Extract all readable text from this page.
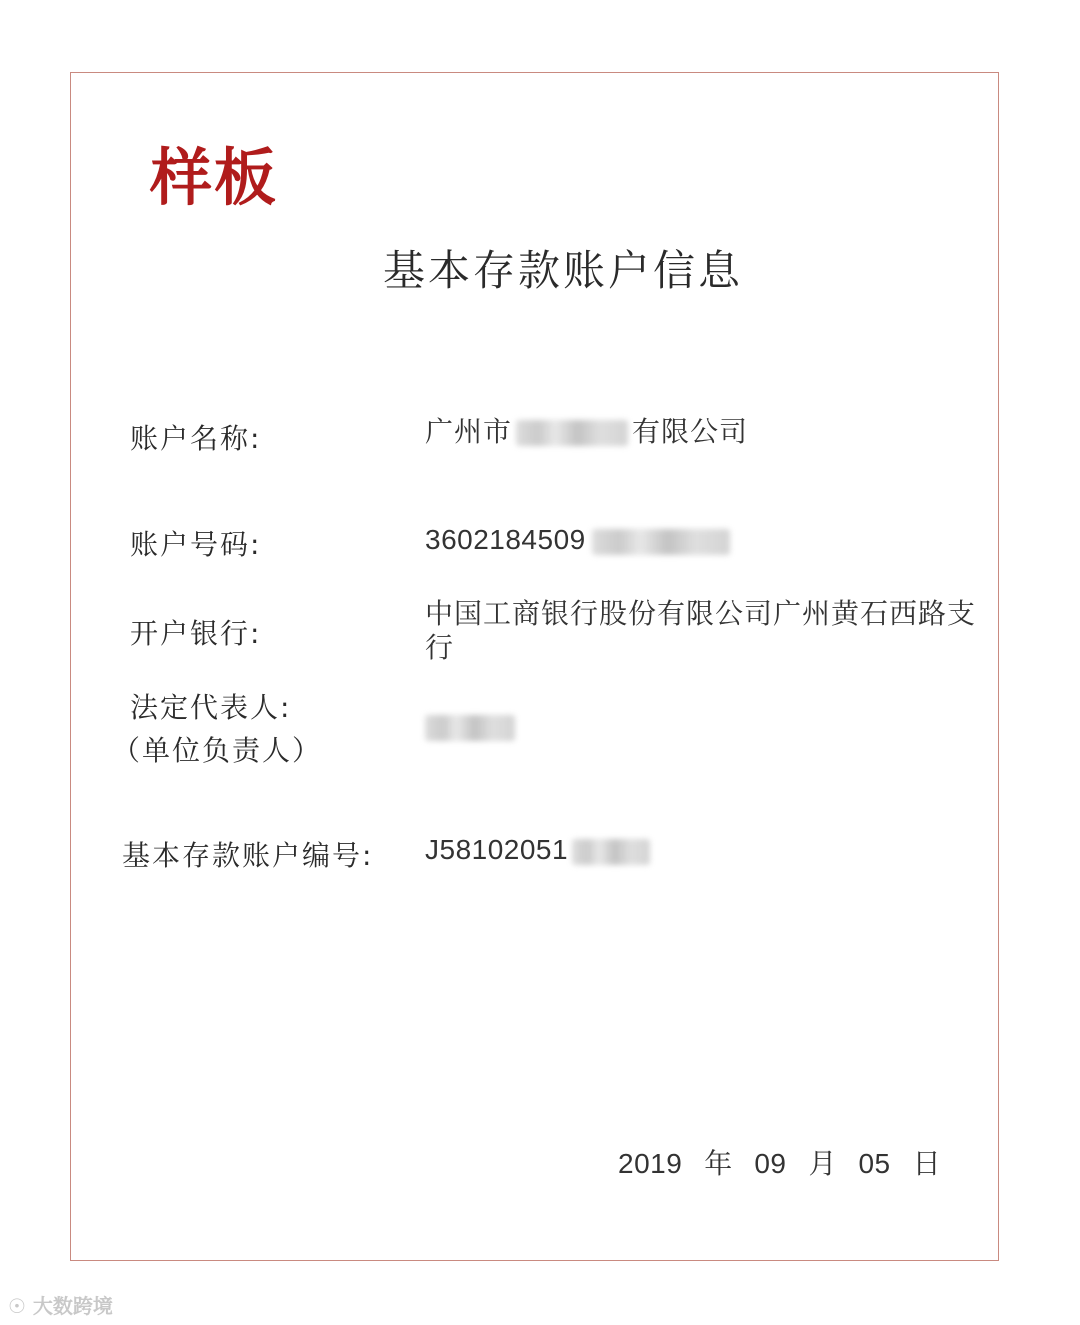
样板
基本存款账户信息
账户名称:	广州市	有限公司
账户号码:	3602184509
开户银行:
中国工商银行股份有限公司广州黄石西路支
行
法定代表人:
（单位负责人）
基本存款账户编号: J58102051
2019 年 09 月 05 日
☉ 大数跨境
